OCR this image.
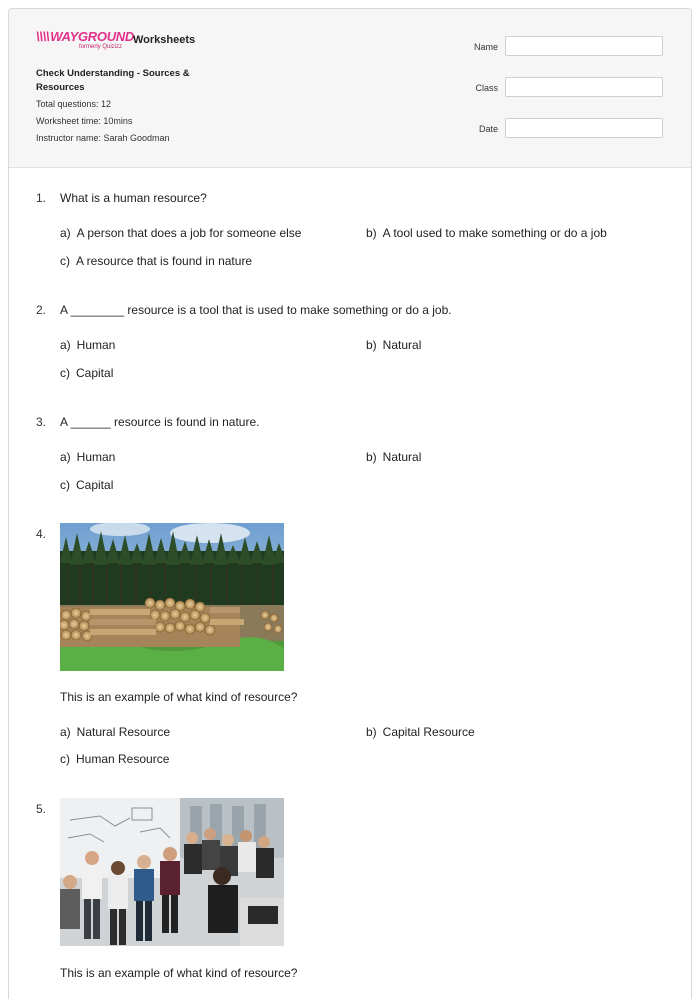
\\\\WAYGROUND
formerly Quizizz
Worksheets
Check Understanding - Sources & Resources
Total questions: 12
Worksheet time: 10mins
Instructor name: Sarah Goodman
Name
Class
Date
1. What is a human resource?
a) A person that does a job for someone else	b) A tool used to make something or do a job
c) A resource that is found in nature
2. A ________ resource is a tool that is used to make something or do a job.
a) Human	b) Natural
c) Capital
3. A ______ resource is found in nature.
a) Human	b) Natural
c) Capital
4.
This is an example of what kind of resource?
a) Natural Resource	b) Capital Resource
c) Human Resource
5.
This is an example of what kind of resource?
